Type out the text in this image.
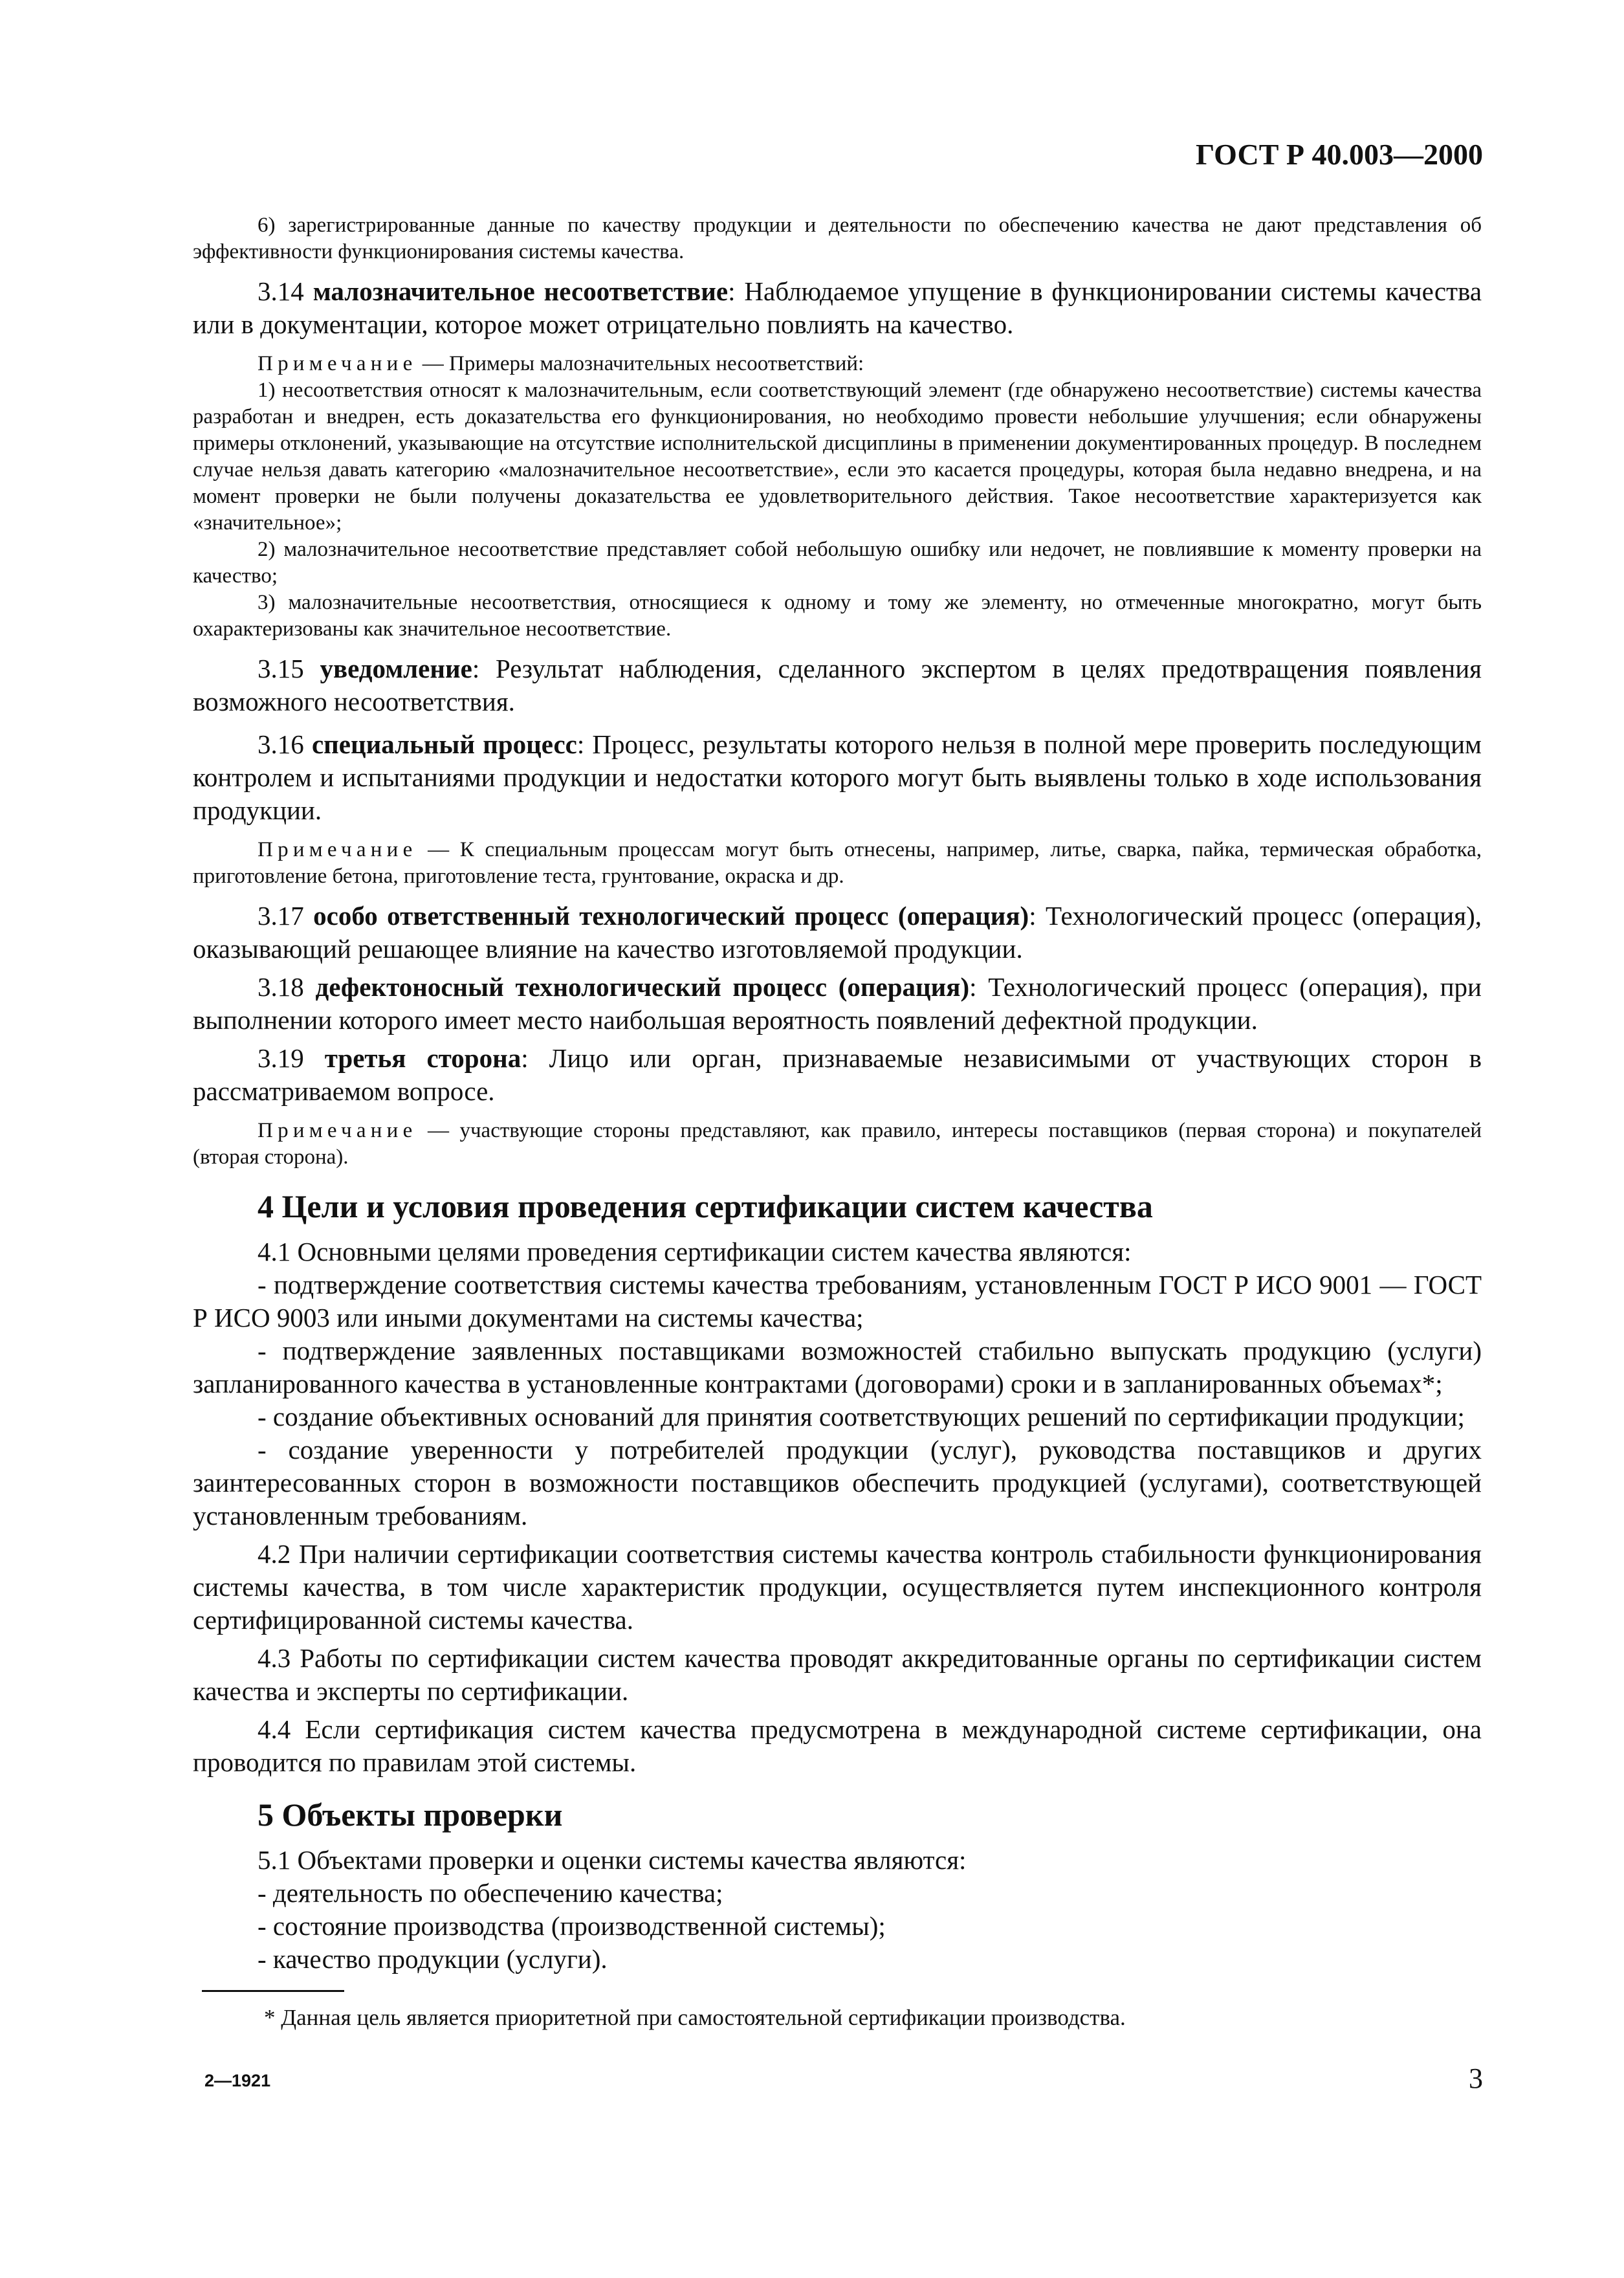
ГОСТ Р 40.003—2000

6) зарегистрированные данные по качеству продукции и деятельности по обеспечению качества не дают представления об эффективности функционирования системы качества.

3.14 малозначительное несоответствие: Наблюдаемое упущение в функционировании системы качества или в документации, которое может отрицательно повлиять на качество.

Примечание — Примеры малозначительных несоответствий:

1) несоответствия относят к малозначительным, если соответствующий элемент (где обнаружено несоответствие) системы качества разработан и внедрен, есть доказательства его функционирования, но необходимо провести небольшие улучшения; если обнаружены примеры отклонений, указывающие на отсутствие исполнительской дисциплины в применении документированных процедур. В последнем случае нельзя давать категорию «малозначительное несоответствие», если это касается процедуры, которая была недавно внедрена, и на момент проверки не были получены доказательства ее удовлетворительного действия. Такое несоответствие характеризуется как «значительное»;

2) малозначительное несоответствие представляет собой небольшую ошибку или недочет, не повлиявшие к моменту проверки на качество;

3) малозначительные несоответствия, относящиеся к одному и тому же элементу, но отмеченные многократно, могут быть охарактеризованы как значительное несоответствие.

3.15 уведомление: Результат наблюдения, сделанного экспертом в целях предотвращения появления возможного несоответствия.

3.16 специальный процесс: Процесс, результаты которого нельзя в полной мере проверить последующим контролем и испытаниями продукции и недостатки которого могут быть выявлены только в ходе использования продукции.

Примечание — К специальным процессам могут быть отнесены, например, литье, сварка, пайка, термическая обработка, приготовление бетона, приготовление теста, грунтование, окраска и др.

3.17 особо ответственный технологический процесс (операция): Технологический процесс (операция), оказывающий решающее влияние на качество изготовляемой продукции.

3.18 дефектоносный технологический процесс (операция): Технологический процесс (операция), при выполнении которого имеет место наибольшая вероятность появлений дефектной продукции.

3.19 третья сторона: Лицо или орган, признаваемые независимыми от участвующих сторон в рассматриваемом вопросе.

Примечание — участвующие стороны представляют, как правило, интересы поставщиков (первая сторона) и покупателей (вторая сторона).

4 Цели и условия проведения сертификации систем качества

4.1 Основными целями проведения сертификации систем качества являются:

- подтверждение соответствия системы качества требованиям, установленным ГОСТ Р ИСО 9001 — ГОСТ Р ИСО 9003 или иными документами на системы качества;

- подтверждение заявленных поставщиками возможностей стабильно выпускать продукцию (услуги) запланированного качества в установленные контрактами (договорами) сроки и в запланированных объемах*;

- создание объективных оснований для принятия соответствующих решений по сертификации продукции;

- создание уверенности у потребителей продукции (услуг), руководства поставщиков и других заинтересованных сторон в возможности поставщиков обеспечить продукцией (услугами), соответствующей установленным требованиям.

4.2 При наличии сертификации соответствия системы качества контроль стабильности функционирования системы качества, в том числе характеристик продукции, осуществляется путем инспекционного контроля сертифицированной системы качества.

4.3 Работы по сертификации систем качества проводят аккредитованные органы по сертификации систем качества и эксперты по сертификации.

4.4 Если сертификация систем качества предусмотрена в международной системе сертификации, она проводится по правилам этой системы.

5 Объекты проверки

5.1 Объектами проверки и оценки системы качества являются:

- деятельность по обеспечению качества;

- состояние производства (производственной системы);

- качество продукции (услуги).

* Данная цель является приоритетной при самостоятельной сертификации производства.

3

2—1921
